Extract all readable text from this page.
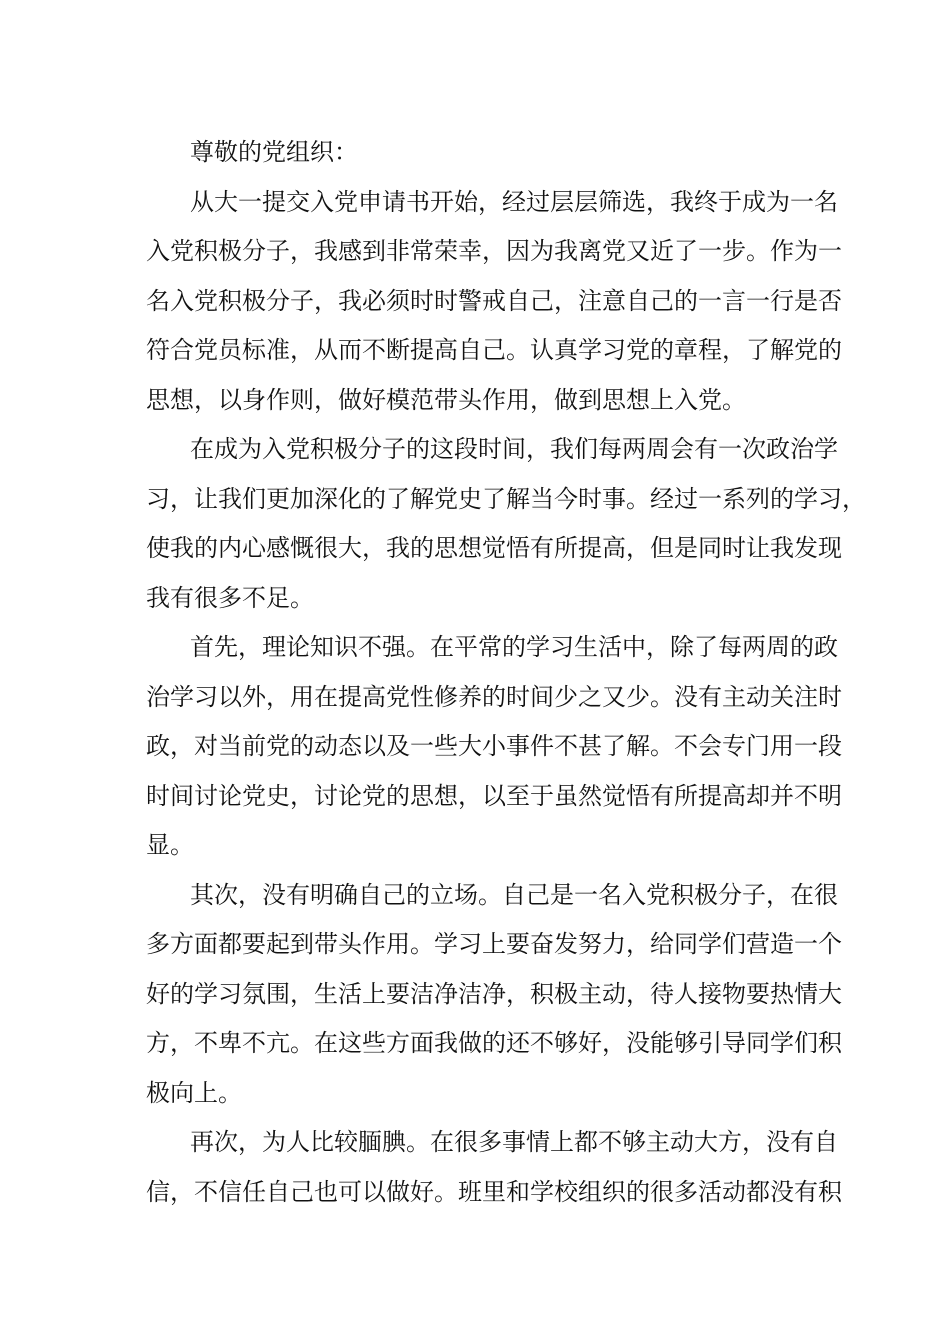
尊敬的党组织：
从大一提交入党申请书开始，经过层层筛选，我终于成为一名
入党积极分子，我感到非常荣幸，因为我离党又近了一步。作为一
名入党积极分子，我必须时时警戒自己，注意自己的一言一行是否
符合党员标准，从而不断提高自己。认真学习党的章程，了解党的
思想，以身作则，做好模范带头作用，做到思想上入党。
在成为入党积极分子的这段时间，我们每两周会有一次政治学
习，让我们更加深化的了解党史了解当今时事。经过一系列的学习，
使我的内心感慨很大，我的思想觉悟有所提高，但是同时让我发现
我有很多不足。
首先，理论知识不强。在平常的学习生活中，除了每两周的政
治学习以外，用在提高党性修养的时间少之又少。没有主动关注时
政，对当前党的动态以及一些大小事件不甚了解。不会专门用一段
时间讨论党史，讨论党的思想，以至于虽然觉悟有所提高却并不明
显。
其次，没有明确自己的立场。自己是一名入党积极分子，在很
多方面都要起到带头作用。学习上要奋发努力，给同学们营造一个
好的学习氛围，生活上要洁净洁净，积极主动，待人接物要热情大
方，不卑不亢。在这些方面我做的还不够好，没能够引导同学们积
极向上。
再次，为人比较腼腆。在很多事情上都不够主动大方，没有自
信，不信任自己也可以做好。班里和学校组织的很多活动都没有积
